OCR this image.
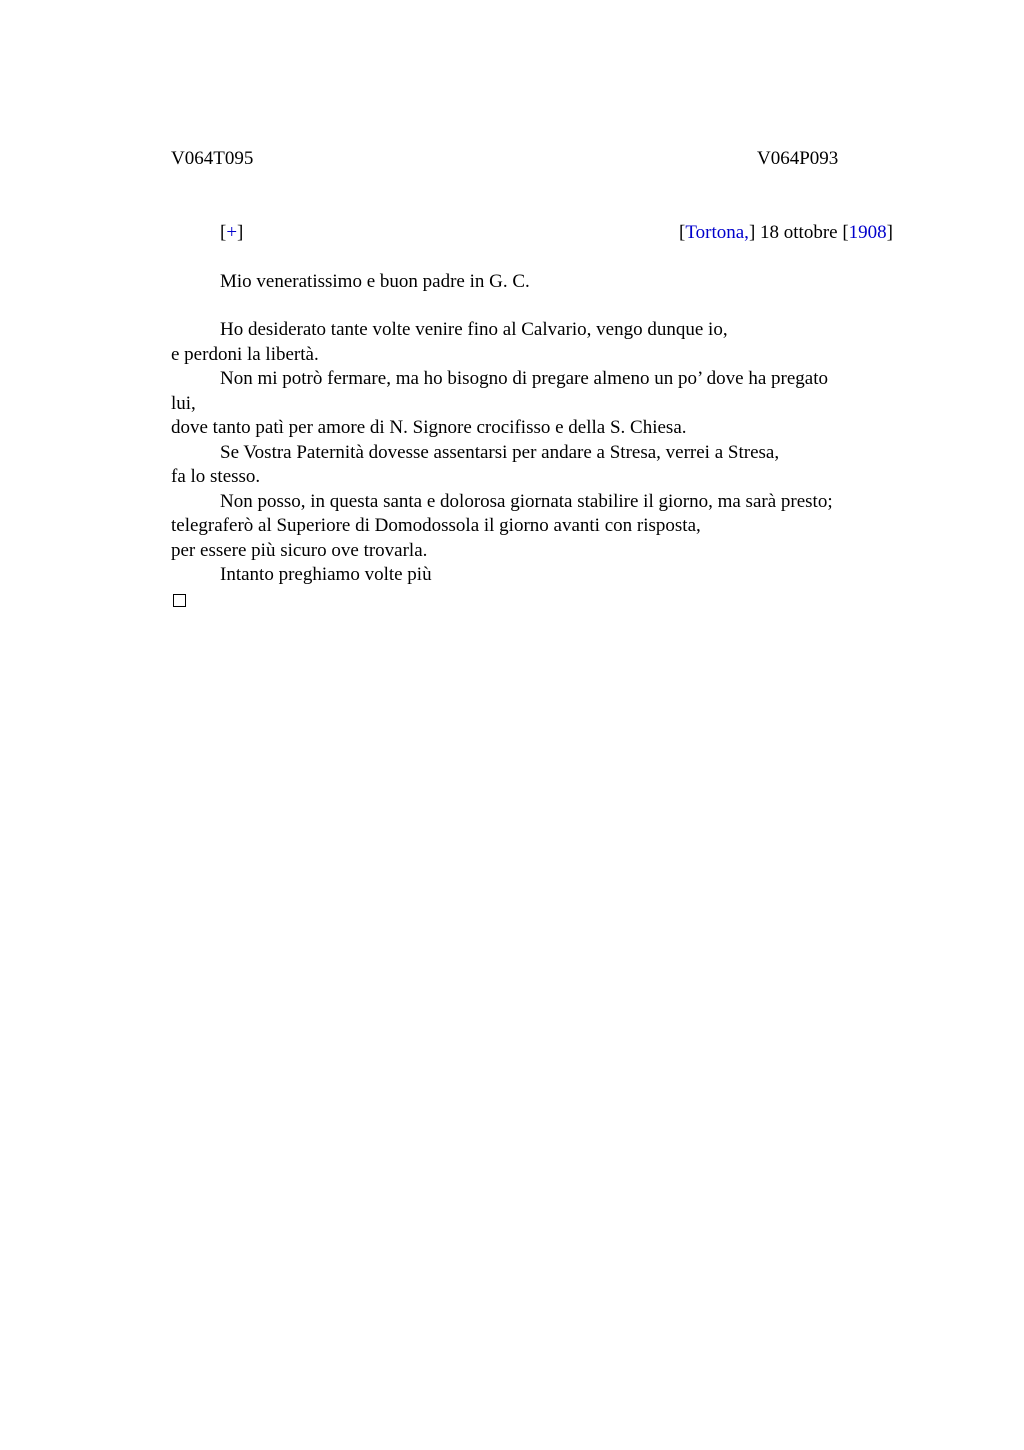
V064T095	V064P093
[+]	[Tortona,] 18 ottobre [1908]
Mio veneratissimo e buon padre in G. C.
Ho desiderato tante volte venire fino al Calvario, vengo dunque io,
e perdoni la libertà.
Non mi potrò fermare, ma ho bisogno di pregare almeno un po’ dove ha pregato
lui,
dove tanto patì per amore di N. Signore crocifisso e della S. Chiesa.
Se Vostra Paternità dovesse assentarsi per andare a Stresa, verrei a Stresa,
fa lo stesso.
Non posso, in questa santa e dolorosa giornata stabilire il giorno, ma sarà presto;
telegraferò al Superiore di Domodossola il giorno avanti con risposta,
per essere più sicuro ove trovarla.
Intanto preghiamo volte più
